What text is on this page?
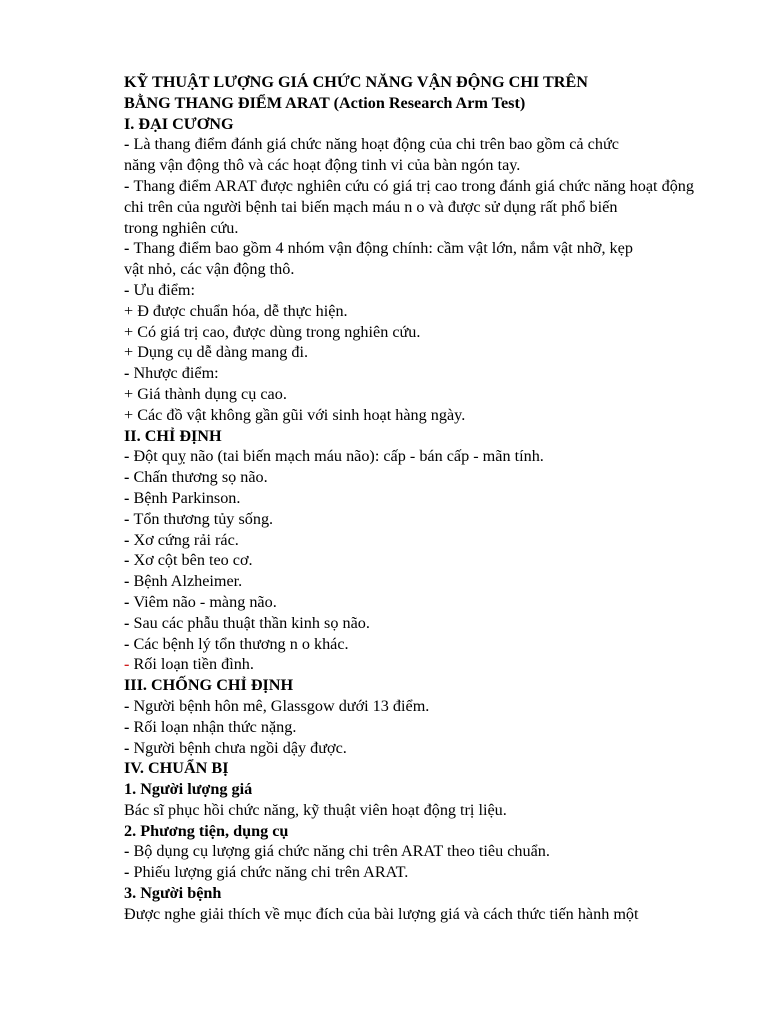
KỸ THUẬT LƯỢNG GIÁ CHỨC NĂNG VẬN ĐỘNG CHI TRÊN
BẰNG THANG ĐIỂM ARAT (Action Research Arm Test)
I. ĐẠI CƯƠNG
- Là thang điểm đánh giá chức năng hoạt động của chi trên bao gồm cả chức
năng vận động thô và các hoạt động tinh vi của bàn ngón tay.
- Thang điểm ARAT được nghiên cứu có giá trị cao trong đánh giá chức năng hoạt động chi trên của người bệnh tai biến mạch máu n o và được sử dụng rất phổ biến
trong nghiên cứu.
- Thang điểm bao gồm 4 nhóm vận động chính: cầm vật lớn, nắm vật nhỡ, kẹp
vật nhỏ, các vận động thô.
- Ưu điểm:
+ Đ được chuẩn hóa, dễ thực hiện.
+ Có giá trị cao, được dùng trong nghiên cứu.
+ Dụng cụ dễ dàng mang đi.
- Nhược điểm:
+ Giá thành dụng cụ cao.
+ Các đồ vật không gần gũi với sinh hoạt hàng ngày.
II. CHỈ ĐỊNH
- Đột quỵ não (tai biến mạch máu não): cấp - bán cấp - mãn tính.
- Chấn thương sọ não.
- Bệnh Parkinson.
- Tổn thương tủy sống.
- Xơ cứng rải rác.
- Xơ cột bên teo cơ.
- Bệnh Alzheimer.
- Viêm não - màng não.
- Sau các phẫu thuật thần kinh sọ não.
- Các bệnh lý tổn thương n o khác.
- Rối loạn tiền đình.
III. CHỐNG CHỈ ĐỊNH
- Người bệnh hôn mê, Glassgow dưới 13 điểm.
- Rối loạn nhận thức nặng.
- Người bệnh chưa ngồi dậy được.
IV. CHUẨN BỊ
1. Người lượng giá
Bác sĩ phục hồi chức năng, kỹ thuật viên hoạt động trị liệu.
2. Phương tiện, dụng cụ
- Bộ dụng cụ lượng giá chức năng chi trên ARAT theo tiêu chuẩn.
- Phiếu lượng giá chức năng chi trên ARAT.
3. Người bệnh
Được nghe giải thích về mục đích của bài lượng giá và cách thức tiến hành một
